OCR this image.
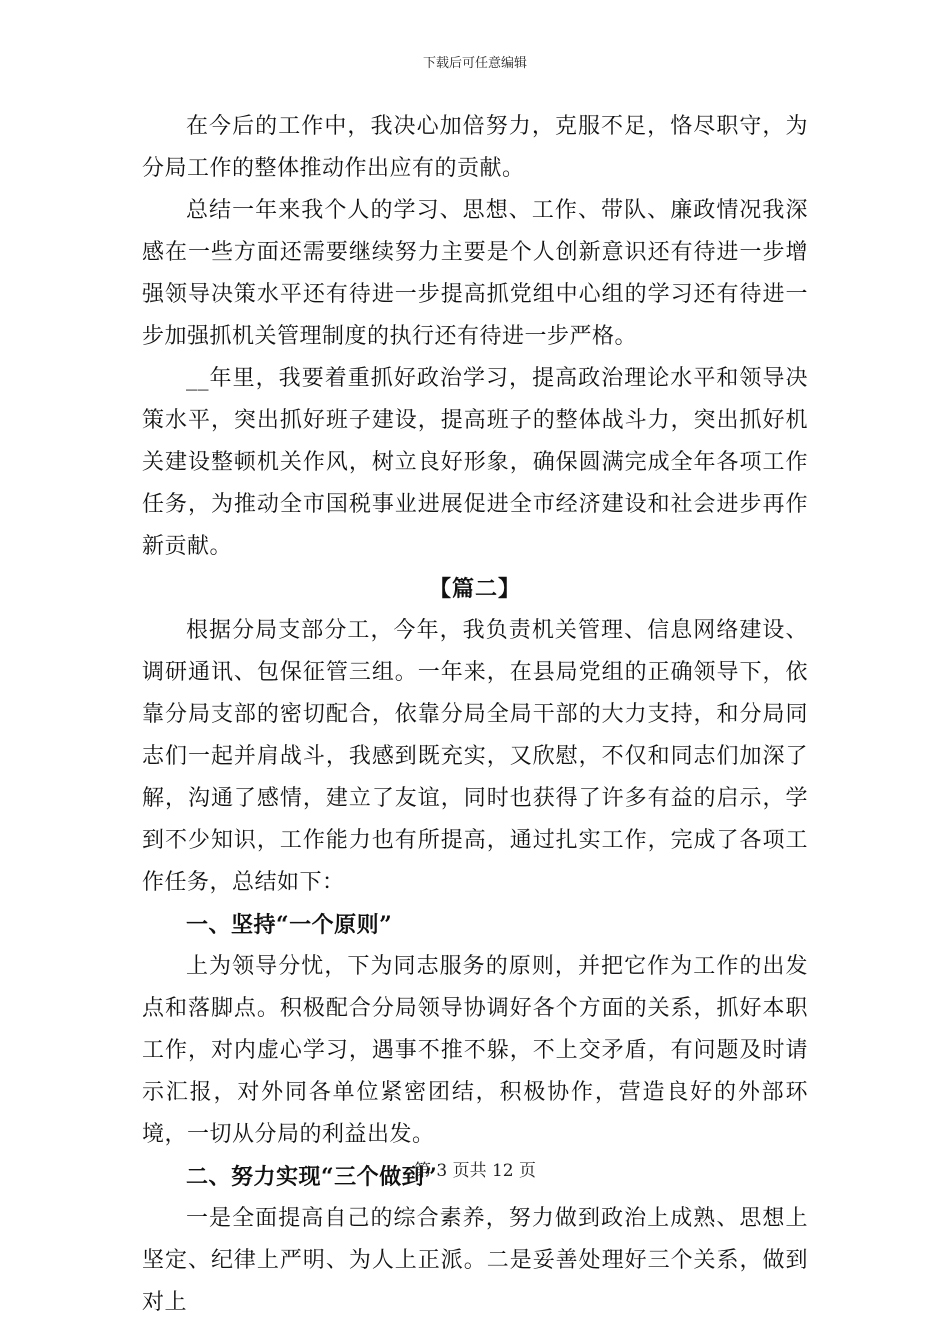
下载后可任意编辑

在今后的工作中，我决心加倍努力，克服不足，恪尽职守，为分局工作的整体推动作出应有的贡献。

总结一年来我个人的学习、思想、工作、带队、廉政情况我深感在一些方面还需要继续努力主要是个人创新意识还有待进一步增强领导决策水平还有待进一步提高抓党组中心组的学习还有待进一步加强抓机关管理制度的执行还有待进一步严格。

__年里，我要着重抓好政治学习，提高政治理论水平和领导决策水平，突出抓好班子建设，提高班子的整体战斗力，突出抓好机关建设整顿机关作风，树立良好形象，确保圆满完成全年各项工作任务，为推动全市国税事业进展促进全市经济建设和社会进步再作新贡献。

【篇二】

根据分局支部分工，今年，我负责机关管理、信息网络建设、调研通讯、包保征管三组。一年来，在县局党组的正确领导下，依靠分局支部的密切配合，依靠分局全局干部的大力支持，和分局同志们一起并肩战斗，我感到既充实，又欣慰，不仅和同志们加深了解，沟通了感情，建立了友谊，同时也获得了许多有益的启示，学到不少知识，工作能力也有所提高，通过扎实工作，完成了各项工作任务，总结如下：

一、坚持“一个原则”

上为领导分忧，下为同志服务的原则，并把它作为工作的出发点和落脚点。积极配合分局领导协调好各个方面的关系，抓好本职工作，对内虚心学习，遇事不推不躲，不上交矛盾，有问题及时请示汇报，对外同各单位紧密团结，积极协作，营造良好的外部环境，一切从分局的利益出发。

二、努力实现“三个做到”

一是全面提高自己的综合素养，努力做到政治上成熟、思想上坚定、纪律上严明、为人上正派。二是妥善处理好三个关系，做到对上

第 3 页共 12 页
